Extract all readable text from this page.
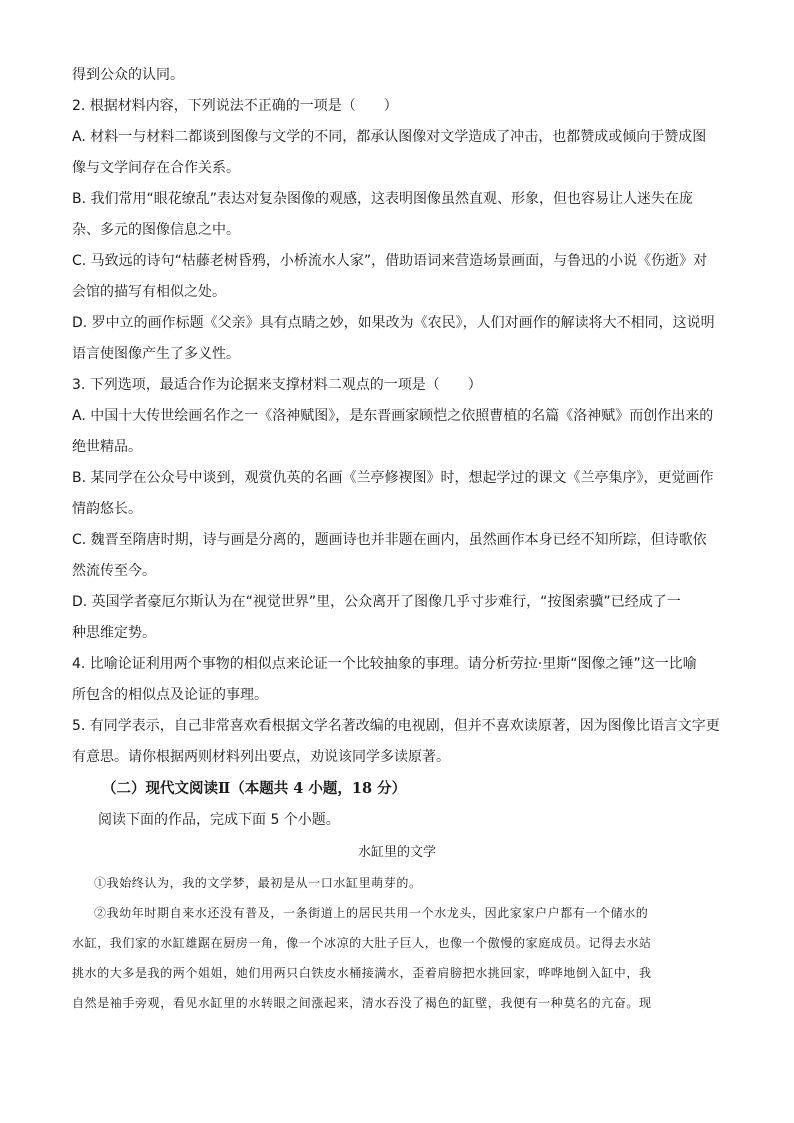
得到公众的认同。
2. 根据材料内容，下列说法不正确的一项是（　　）
A. 材料一与材料二都谈到图像与文学的不同，都承认图像对文学造成了冲击，也都赞成或倾向于赞成图
像与文学间存在合作关系。
B. 我们常用“眼花缭乱”表达对复杂图像的观感，这表明图像虽然直观、形象，但也容易让人迷失在庞
杂、多元的图像信息之中。
C. 马致远的诗句“枯藤老树昏鸦，小桥流水人家”，借助语词来营造场景画面，与鲁迅的小说《伤逝》对
会馆的描写有相似之处。
D. 罗中立的画作标题《父亲》具有点睛之妙，如果改为《农民》，人们对画作的解读将大不相同，这说明
语言使图像产生了多义性。
3. 下列选项，最适合作为论据来支撑材料二观点的一项是（　　）
A. 中国十大传世绘画名作之一《洛神赋图》，是东晋画家顾恺之依照曹植的名篇《洛神赋》而创作出来的
绝世精品。
B. 某同学在公众号中谈到，观赏仇英的名画《兰亭修褉图》时，想起学过的课文《兰亭集序》，更觉画作
情韵悠长。
C. 魏晋至隋唐时期，诗与画是分离的，题画诗也并非题在画内，虽然画作本身已经不知所踪，但诗歌依
然流传至今。
D. 英国学者豪厄尔斯认为在“视觉世界”里，公众离开了图像几乎寸步难行，“按图索骥”已经成了一
种思维定势。
4. 比喻论证利用两个事物的相似点来论证一个比较抽象的事理。请分析劳拉·里斯“图像之锤”这一比喻
所包含的相似点及论证的事理。
5. 有同学表示，自己非常喜欢看根据文学名著改编的电视剧，但并不喜欢读原著，因为图像比语言文字更
有意思。请你根据两则材料列出要点，劝说该同学多读原著。
（二）现代文阅读Ⅱ（本题共 4 小题，18 分）
阅读下面的作品，完成下面 5 个小题。
水缸里的文学
①我始终认为，我的文学梦，最初是从一口水缸里萌芽的。
②我幼年时期自来水还没有普及，一条街道上的居民共用一个水龙头，因此家家户户都有一个储水的
水缸，我们家的水缸雄踞在厨房一角，像一个冰凉的大肚子巨人，也像一个傲慢的家庭成员。记得去水站
挑水的大多是我的两个姐姐，她们用两只白铁皮水桶接满水，歪着肩膀把水挑回家，哗哗地倒入缸中，我
自然是袖手旁观，看见水缸里的水转眼之间涨起来，清水吞没了褐色的缸壁，我便有一种莫名的亢奋。现
